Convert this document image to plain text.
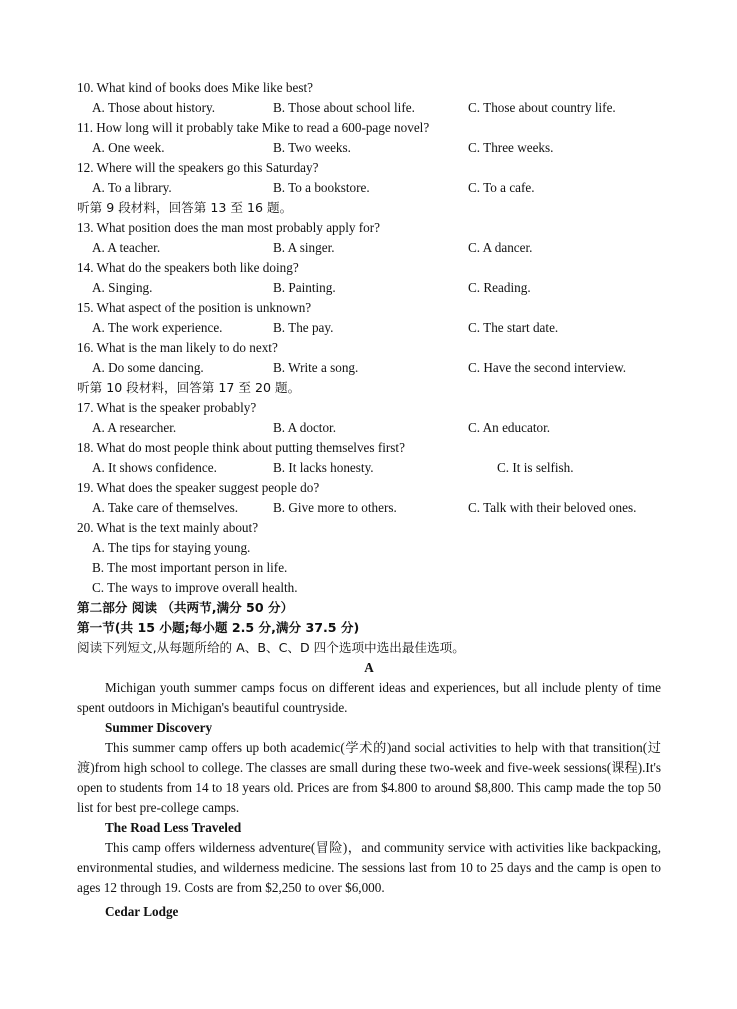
10. What kind of books does Mike like best?
A. Those about history.	B. Those about school life.	C. Those about country life.
11. How long will it probably take Mike to read a 600-page novel?
A. One week.	B. Two weeks.	C. Three weeks.
12. Where will the speakers go this Saturday?
A. To a library.	B. To a bookstore.	C. To a cafe.
听第 9 段材料，回答第 13 至 16 题。
13. What position does the man most probably apply for?
A. A teacher.	B. A singer.	C. A dancer.
14. What do the speakers both like doing?
A. Singing.	B. Painting.	C. Reading.
15. What aspect of the position is unknown?
A. The work experience.	B. The pay.	C. The start date.
16. What is the man likely to do next?
A. Do some dancing.	B. Write a song.	C. Have the second interview.
听第 10 段材料，回答第 17 至 20 题。
17. What is the speaker probably?
A. A researcher.	B. A doctor.	C. An educator.
18. What do most people think about putting themselves first?
A. It shows confidence.	B. It lacks honesty.	C. It is selfish.
19. What does the speaker suggest people do?
A. Take care of themselves.	B. Give more to others.	C. Talk with their beloved ones.
20. What is the text mainly about?
A. The tips for staying young.
B. The most important person in life.
C. The ways to improve overall health.
第二部分 阅读 （共两节,满分 50 分）
第一节(共 15 小题;每小题 2.5 分,满分 37.5 分)
阅读下列短文,从每题所给的 A、B、C、D 四个选项中选出最佳选项。
A
Michigan youth summer camps focus on different ideas and experiences, but all include plenty of time spent outdoors in Michigan's beautiful countryside.
Summer Discovery
This summer camp offers up both academic(学术的)and social activities to help with that transition(过渡)from high school to college. The classes are small during these two-week and five-week sessions(课程).It's open to students from 14 to 18 years old. Prices are from $4.800 to around $8,800. This camp made the top 50 list for best pre-college camps.
The Road Less Traveled
This camp offers wilderness adventure(冒险)，and community service with activities like backpacking, environmental studies, and wilderness medicine. The sessions last from 10 to 25 days and the camp is open to ages 12 through 19. Costs are from $2,250 to over $6,000.
Cedar Lodge
